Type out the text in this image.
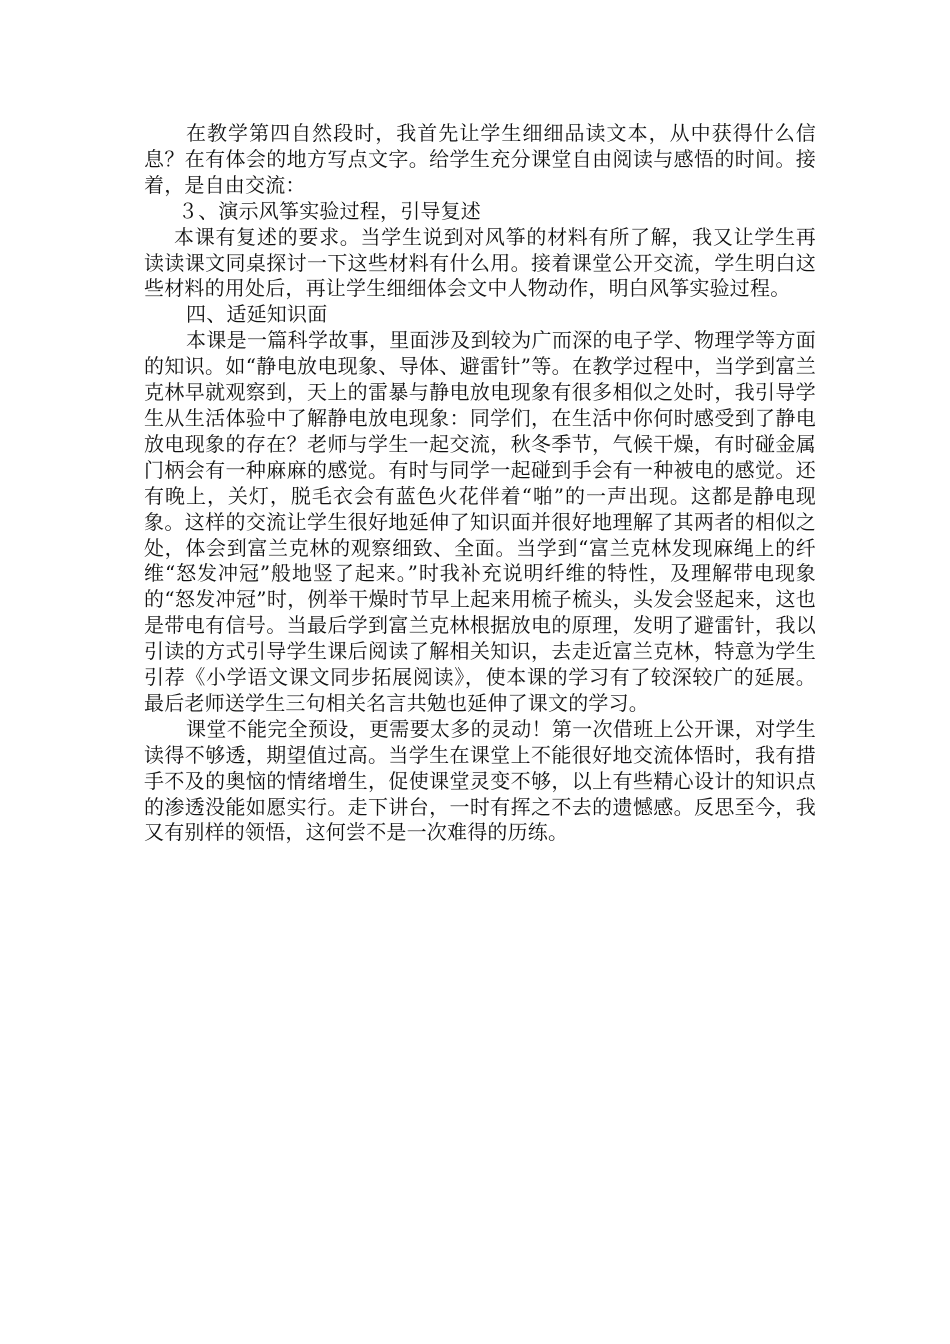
在教学第四自然段时，我首先让学生细细品读文本，从中获得什么信息？在有体会的地方写点文字。给学生充分课堂自由阅读与感悟的时间。接着，是自由交流：

３、演示风筝实验过程，引导复述

本课有复述的要求。当学生说到对风筝的材料有所了解，我又让学生再读读课文同桌探讨一下这些材料有什么用。接着课堂公开交流，学生明白这些材料的用处后，再让学生细细体会文中人物动作，明白风筝实验过程。

四、适延知识面

本课是一篇科学故事，里面涉及到较为广而深的电子学、物理学等方面的知识。如“静电放电现象、导体、避雷针”等。在教学过程中，当学到富兰克林早就观察到，天上的雷暴与静电放电现象有很多相似之处时，我引导学生从生活体验中了解静电放电现象：同学们，在生活中你何时感受到了静电放电现象的存在？老师与学生一起交流，秋冬季节，气候干燥，有时碰金属门柄会有一种麻麻的感觉。有时与同学一起碰到手会有一种被电的感觉。还有晚上，关灯，脱毛衣会有蓝色火花伴着“啪”的一声出现。这都是静电现象。这样的交流让学生很好地延伸了知识面并很好地理解了其两者的相似之处，体会到富兰克林的观察细致、全面。当学到“富兰克林发现麻绳上的纤维“怒发冲冠”般地竖了起来。”时我补充说明纤维的特性，及理解带电现象的“怒发冲冠”时，例举干燥时节早上起来用梳子梳头，头发会竖起来，这也是带电有信号。当最后学到富兰克林根据放电的原理，发明了避雷针，我以引读的方式引导学生课后阅读了解相关知识，去走近富兰克林，特意为学生引荐《小学语文课文同步拓展阅读》，使本课的学习有了较深较广的延展。最后老师送学生三句相关名言共勉也延伸了课文的学习。

课堂不能完全预设，更需要太多的灵动！第一次借班上公开课，对学生读得不够透，期望值过高。当学生在课堂上不能很好地交流体悟时，我有措手不及的奥恼的情绪增生，促使课堂灵变不够，以上有些精心设计的知识点的渗透没能如愿实行。走下讲台，一时有挥之不去的遗憾感。反思至今，我又有别样的领悟，这何尝不是一次难得的历练。
